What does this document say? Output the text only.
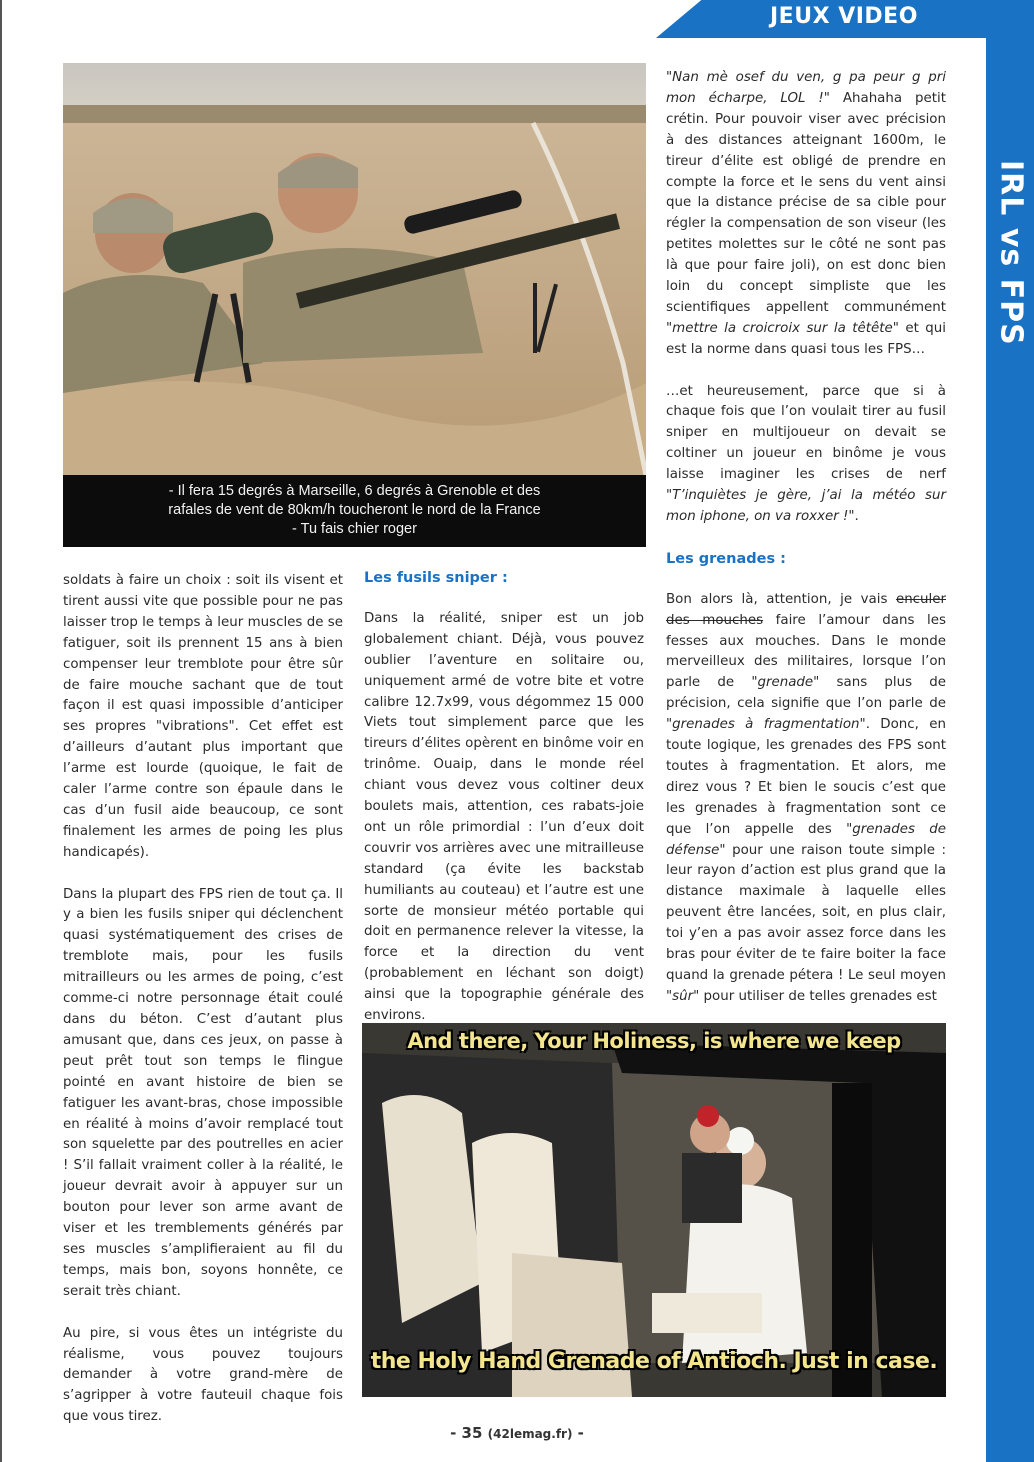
JEUX VIDEO
IRL vs FPS
- Il fera 15 degrés à Marseille, 6 degrés à Grenoble et des
rafales de vent de 80km/h toucheront le nord de la France
- Tu fais chier roger

soldats à faire un choix : soit ils visent et tirent aussi vite que possible pour ne pas laisser trop le temps à leur muscles de se fatiguer, soit ils prennent 15 ans à bien compenser leur tremblote pour être sûr de faire mouche sachant que de tout façon il est quasi impossible d’anticiper ses propres "vibrations". Cet effet est d’ailleurs d’autant plus important que l’arme est lourde (quoique, le fait de caler l’arme contre son épaule dans le cas d’un fusil aide beaucoup, ce sont finalement les armes de poing les plus handicapés).

Dans la plupart des FPS rien de tout ça. Il y a bien les fusils sniper qui déclenchent quasi systématiquement des crises de tremblote mais, pour les fusils mitrailleurs ou les armes de poing, c’est comme-ci notre personnage était coulé dans du béton. C’est d’autant plus amusant que, dans ces jeux, on passe à peut prêt tout son temps le flingue pointé en avant histoire de bien se fatiguer les avant-bras, chose impossible en réalité à moins d’avoir remplacé tout son squelette par des poutrelles en acier ! S’il fallait vraiment coller à la réalité, le joueur devrait avoir à appuyer sur un bouton pour lever son arme avant de viser et les tremblements générés par ses muscles s’amplifieraient au fil du temps, mais bon, soyons honnête, ce serait très chiant.

Au pire, si vous êtes un intégriste du réalisme, vous pouvez toujours demander à votre grand-mère de s’agripper à votre fauteuil chaque fois que vous tirez.

Les fusils sniper :

Dans la réalité, sniper est un job globalement chiant. Déjà, vous pouvez oublier l’aventure en solitaire ou, uniquement armé de votre bite et votre calibre 12.7x99, vous dégommez 15 000 Viets tout simplement parce que les tireurs d’élites opèrent en binôme voir en trinôme. Ouaip, dans le monde réel chiant vous devez vous coltiner deux boulets mais, attention, ces rabats-joie ont un rôle primordial : l’un d’eux doit couvrir vos arrières avec une mitrailleuse standard (ça évite les backstab humiliants au couteau) et l’autre est une sorte de monsieur météo portable qui doit en permanence relever la vitesse, la force et la direction du vent (probablement en léchant son doigt) ainsi que la topographie générale des environs.

"Nan mè osef du ven, g pa peur g pri mon écharpe, LOL !" Ahahaha petit crétin. Pour pouvoir viser avec précision à des distances atteignant 1600m, le tireur d’élite est obligé de prendre en compte la force et le sens du vent ainsi que la distance précise de sa cible pour régler la compensation de son viseur (les petites molettes sur le côté ne sont pas là que pour faire joli), on est donc bien loin du concept simpliste que les scientifiques appellent communément "mettre la croicroix sur la têtête" et qui est la norme dans quasi tous les FPS…

…et heureusement, parce que si à chaque fois que l’on voulait tirer au fusil sniper en multijoueur on devait se coltiner un joueur en binôme je vous laisse imaginer les crises de nerf "T’inquiètes je gère, j’ai la météo sur mon iphone, on va roxxer !".

Les grenades :

Bon alors là, attention, je vais enculer des mouches faire l’amour dans les fesses aux mouches. Dans le monde merveilleux des militaires, lorsque l’on parle de "grenade" sans plus de précision, cela signifie que l’on parle de "grenades à fragmentation". Donc, en toute logique, les grenades des FPS sont toutes à fragmentation. Et alors, me direz vous ? Et bien le soucis c’est que les grenades à fragmentation sont ce que l’on appelle des "grenades de défense" pour une raison toute simple : leur rayon d’action est plus grand que la distance maximale à laquelle elles peuvent être lancées, soit, en plus clair, toi y’en a pas avoir assez force dans les bras pour éviter de te faire boiter la face quand la grenade pétera ! Le seul moyen "sûr" pour utiliser de telles grenades est

And there, Your Holiness, is where we keep
the Holy Hand Grenade of Antioch. Just in case.
- 35 (42lemag.fr) -
